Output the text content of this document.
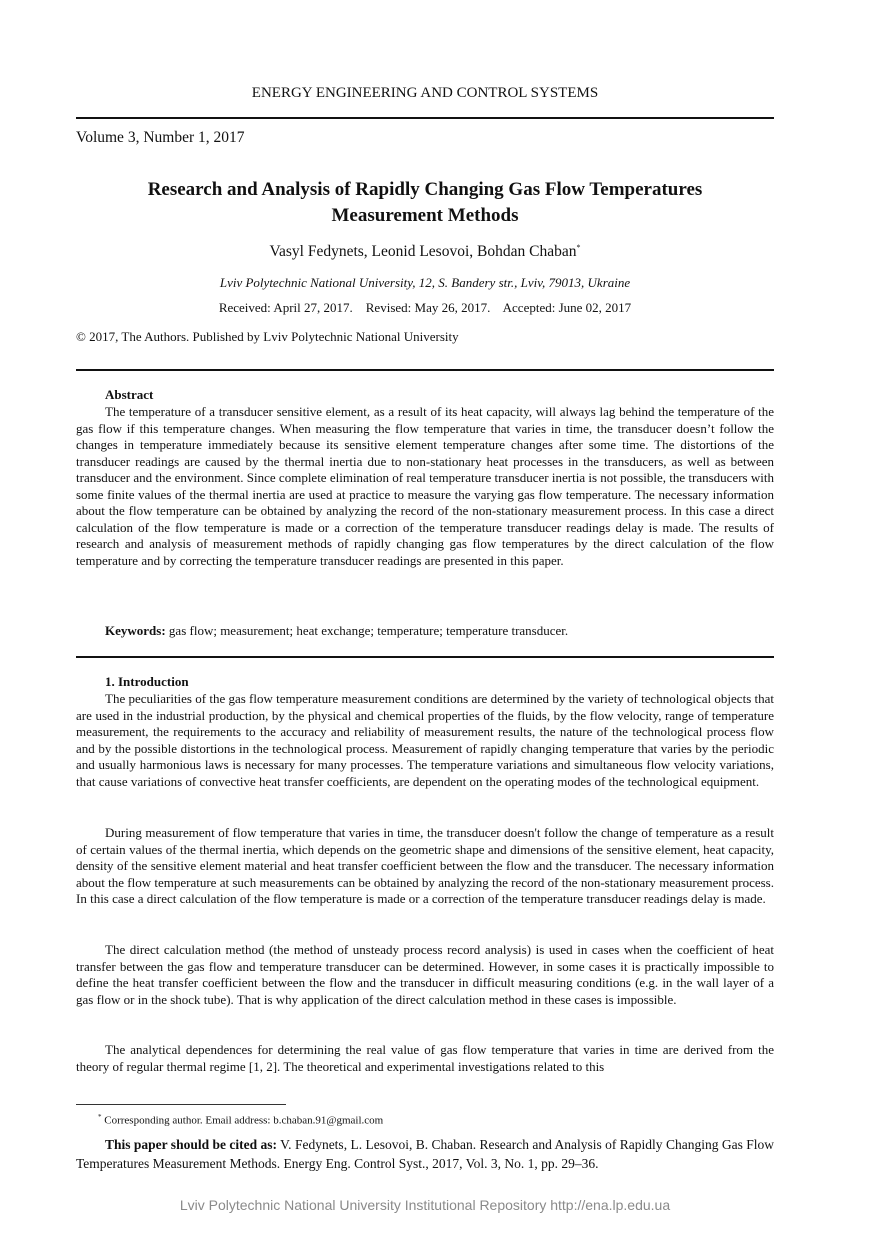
ENERGY ENGINEERING AND CONTROL SYSTEMS
Volume 3, Number 1, 2017
Research and Analysis of Rapidly Changing Gas Flow Temperatures
Measurement Methods
Vasyl Fedynets, Leonid Lesovoi, Bohdan Chaban*
Lviv Polytechnic National University, 12, S. Bandery str., Lviv, 79013, Ukraine
Received: April 27, 2017. Revised: May 26, 2017. Accepted: June 02, 2017
© 2017, The Authors. Published by Lviv Polytechnic National University
Abstract

The temperature of a transducer sensitive element, as a result of its heat capacity, will always lag behind the temperature of the gas flow if this temperature changes. When measuring the flow temperature that varies in time, the transducer doesn’t follow the changes in temperature immediately because its sensitive element temperature changes after some time. The distortions of the transducer readings are caused by the thermal inertia due to non-stationary heat processes in the transducers, as well as between transducer and the environment. Since complete elimination of real temperature transducer inertia is not possible, the transducers with some finite values of the thermal inertia are used at practice to measure the varying gas flow temperature. The necessary information about the flow temperature can be obtained by analyzing the record of the non-stationary measurement process. In this case a direct calculation of the flow temperature is made or a correction of the temperature transducer readings delay is made. The results of research and analysis of measurement methods of rapidly changing gas flow temperatures by the direct calculation of the flow temperature and by correcting the temperature transducer readings are presented in this paper.

Keywords: gas flow; measurement; heat exchange; temperature; temperature transducer.

1. Introduction

The peculiarities of the gas flow temperature measurement conditions are determined by the variety of technological objects that are used in the industrial production, by the physical and chemical properties of the fluids, by the flow velocity, range of temperature measurement, the requirements to the accuracy and reliability of measurement results, the nature of the technological process flow and by the possible distortions in the technological process. Measurement of rapidly changing temperature that varies by the periodic and usually harmonious laws is necessary for many processes. The temperature variations and simultaneous flow velocity variations, that cause variations of convective heat transfer coefficients, are dependent on the operating modes of the technological equipment.

During measurement of flow temperature that varies in time, the transducer doesn't follow the change of temperature as a result of certain values of the thermal inertia, which depends on the geometric shape and dimensions of the sensitive element, heat capacity, density of the sensitive element material and heat transfer coefficient between the flow and the transducer. The necessary information about the flow temperature at such measurements can be obtained by analyzing the record of the non-stationary measurement process. In this case a direct calculation of the flow temperature is made or a correction of the temperature transducer readings delay is made.

The direct calculation method (the method of unsteady process record analysis) is used in cases when the coefficient of heat transfer between the gas flow and temperature transducer can be determined. However, in some cases it is practically impossible to define the heat transfer coefficient between the flow and the transducer in difficult measuring conditions (e.g. in the wall layer of a gas flow or in the shock tube). That is why application of the direct calculation method in these cases is impossible.

The analytical dependences for determining the real value of gas flow temperature that varies in time are derived from the theory of regular thermal regime [1, 2]. The theoretical and experimental investigations related to this

* Corresponding author. Email address: b.chaban.91@gmail.com

This paper should be cited as: V. Fedynets, L. Lesovoi, B. Chaban. Research and Analysis of Rapidly Changing Gas Flow Temperatures Measurement Methods. Energy Eng. Control Syst., 2017, Vol. 3, No. 1, pp. 29–36.

Lviv Polytechnic National University Institutional Repository http://ena.lp.edu.ua
